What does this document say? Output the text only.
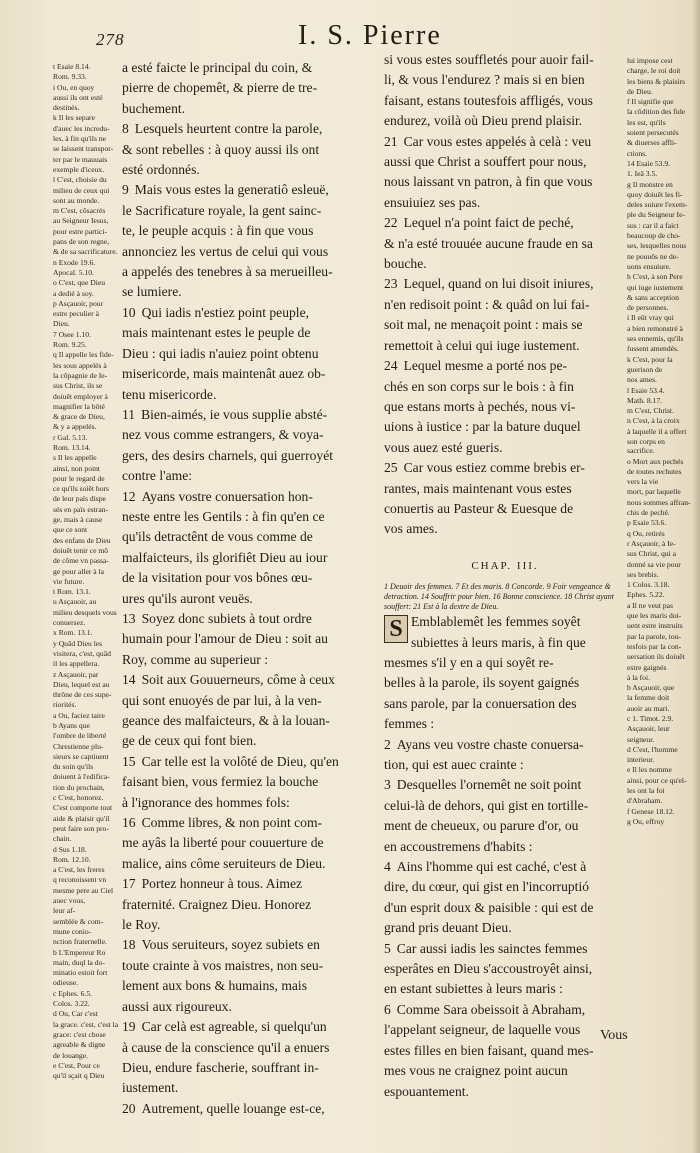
278	I. S. Pierre

t Esaie 8.14.

Rom. 9.33.

i Ou, en quoy

aussi ils ont esté

destinés.

k Il les separe

d'auec les incredu-

les, à fin qu'ils ne

se laissent transpor-

ter par le mauuais

exemple d'iceux.

l C'est, choisie du

milieu de ceux qui

sont au monde.

m C'est, côsacrés

au Seigneur Iesus,

pour estre partici-

pans de son regne,

& de sa sacrificature.

n Exode 19.6.

Apocal. 5.10.

o C'est, que Dieu

a dedié à soy.

p Asçauoir, pour

estre peculier à

Dieu.

7 Osee 1.10.

Rom. 9.25.

q Il appelle les fide-

les sous appelés à

la côpagnie de Ie-

sus Christ, ils se

doiuêt employer à

magnifier la bôté

& grace de Dieu,

& y a appelés.

r Gal. 5.13.

Rom. 13.14.

s Il les appelle

ainsi, non point

pour le regard de

ce qu'ils soiêt hors

de leur païs dispe

sés en païs estran-

ge, mais à cause

que ce sont

des enfans de Dieu

doiuêt tenir ce mô

de côme vn passa-

ge pour aller à la

vie future.

t Rom. 13.1.

u Asçauoir, au

milieu desquels vous

conuersez.

x Rom. 13.1.

y Quâd Dieu les

visitera, c'est, quâd

il les appellera.

z Asçauoir, par

Dieu, lequel est au

thrône de ces supe-

riorités.

a Ou, faciez taire

b Ayans que

l'ombre de liberté

Chrestienne plu-

sieurs se captiuent

du soin qu'ils

doiuent à l'edifica-

tion du prochain,

c C'est, honorez.

C'est comporte tout

aide & plaisir qu'il

peut faire son pro-

chain.

d Sus 1.18.

Rom. 12.10.

a C'est, les freres

q reconoissent vn

mesme pere au Ciel

auec vous,

leur af-

semblée & com-

mune conio-

nction fraternelle.

b L'Empereur Ro

main, duql la do-

minatio estoit fort

odieuse.

c Ephes. 6.5.

Colos. 3.22.

d Ou, Car c'est

la grace. c'est, c'est la

grace: c'est chose

agreable & digne

de louange.

e C'est, Pour ce

qu'il sçait q Dieu

a esté faicte le principal du coin, &
pierre de chopemêt, & pierre de tre-
buchement.
8 Lesquels heurtent contre la parole,
& sont rebelles : à quoy aussi ils ont
esté ordonnés.
9 Mais vous estes la generatiô esleuë,
le Sacrificature royale, la gent sainc-
te, le peuple acquis : à fin que vous
annonciez les vertus de celui qui vous
a appelés des tenebres à sa merueilleu-
se lumiere.
10 Qui iadis n'estiez point peuple,
mais maintenant estes le peuple de
Dieu : qui iadis n'auiez point obtenu
misericorde, mais maintenât auez ob-
tenu misericorde.
11 Bien-aimés, ie vous supplie absté-
nez vous comme estrangers, & voya-
gers, des desirs charnels, qui guerroyét
contre l'ame:
12 Ayans vostre conuersation hon-
neste entre les Gentils : à fin qu'en ce
qu'ils detractênt de vous comme de
malfaicteurs, ils glorifiêt Dieu au iour
de la visitation pour vos bônes œu-
ures qu'ils auront veuës.
13 Soyez donc subiets à tout ordre
humain pour l'amour de Dieu : soit au
Roy, comme au superieur :
14 Soit aux Gouuerneurs, côme à ceux
qui sont enuoyés de par lui, à la ven-
geance des malfaicteurs, & à la louan-
ge de ceux qui font bien.
15 Car telle est la volôté de Dieu, qu'en
faisant bien, vous fermiez la bouche
à l'ignorance des hommes fols:
16 Comme libres, & non point com-
me ayâs la liberté pour couuerture de
malice, ains côme seruiteurs de Dieu.
17 Portez honneur à tous. Aimez
fraternité. Craignez Dieu. Honorez
le Roy.
18 Vous seruiteurs, soyez subiets en
toute crainte à vos maistres, non seu-
lement aux bons & humains, mais
aussi aux rigoureux.
19 Car celà est agreable, si quelqu'un
à cause de la conscience qu'il a enuers
Dieu, endure fascherie, souffrant in-
iustement.
20 Autrement, quelle louange est-ce,
si vous estes souffletés pour auoir fail-
li, & vous l'endurez ? mais si en bien
faisant, estans toutesfois affligés, vous
endurez, voilà où Dieu prend plaisir.
21 Car vous estes appelés à celà : veu
aussi que Christ a souffert pour nous,
nous laissant vn patron, à fin que vous
ensuiuiez ses pas.
22 Lequel n'a point faict de peché,
& n'a esté trouuée aucune fraude en sa
bouche.
23 Lequel, quand on lui disoit iniures,
n'en redisoit point : & quâd on lui fai-
soit mal, ne menaçoit point : mais se
remettoit à celui qui iuge iustement.
24 Lequel mesme a porté nos pe-
chés en son corps sur le bois : à fin
que estans morts à pechés, nous vi-
uions à iustice : par la bature duquel
vous auez esté gueris.
25 Car vous estiez comme brebis er-
rantes, mais maintenant vous estes
conuertis au Pasteur & Euesque de
vos ames.
CHAP. III.

1 Deuoir des femmes. 7 Et des maris. 8 Concorde. 9 Foir vengeance & detraction. 14 Souffrir pour bien. 16 Bonne conscience. 18 Christ ayant souffert: 21 Est à la dextre de Dieu.

S Emblablemêt les femmes soyêt
subiettes à leurs maris, à fin que
mesmes s'il y en a qui soyêt re-
belles à la parole, ils soyent gaignés
sans parole, par la conuersation des
femmes :
2 Ayans veu vostre chaste conuersa-
tion, qui est auec crainte :
3 Desquelles l'ornemêt ne soit point
celui-là de dehors, qui gist en tortille-
ment de cheueux, ou parure d'or, ou
en accoustremens d'habits :
4 Ains l'homme qui est caché, c'est à
dire, du cœur, qui gist en l'incorruptió
d'un esprit doux & paisible : qui est de
grand pris deuant Dieu.
5 Car aussi iadis les sainctes femmes
esperâtes en Dieu s'accoustroyêt ainsi,
en estant subiettes à leurs maris :
6 Comme Sara obeissoit à Abraham,
l'appelant seigneur, de laquelle vous
estes filles en bien faisant, quand mes-
mes vous ne craignez point aucun
espouantement.

lui impose cest

charge, le roi doit

les biens & plaisirs

de Dieu.

f Il signifie que

la côdition des fide

les est, qu'ils

soient persecutés

& diuerses affli-

ctions.

14 Esaie 53.9.

1. Ieâ 3.5.

g Il monstre en

quoy doiuêt les fi-

deles suiure l'exem-

ple du Seigneur Ie-

sus : car il a faict

beaucoup de cho-

ses, lesquelles nous

ne pouuôs ne de-

uons ensuiure.

h C'est, à son Pere

qui iuge iustement

& sans acception

de personnes.

i Il eût vray qui

a bien remonstré à

ses ennemis, qu'ils

fussent amendés.

k C'est, pour la

guerison de

nos ames.

l Esaie 53.4.

Math. 8.17.

m C'est, Christ.

n C'est, à la croix

à laquelle il a offert

son corps en sacrifice.

o Mort aux pechés

de toutes rechutes

vers la vie

mort, par laquelle

nous sommes affran-

chis de peché.

p Esaie 53.6.

q Ou, retirés

r Asçauoir, à Ie-

sus Christ, qui a

donné sa vie pour

ses brebis.

1 Colos. 3.18.

Ephes. 5.22.

a Il ne veut pas

que les maris doi-

uent estre instruits

par la parole, tou-

tesfois par la con-

uersation ils doiuêt

estre gaignés

à la foi.

b Asçauoir, que

la femme doit

auoir au mari.

c 1. Timot. 2.9.

Asçauoir, leur

seigneur.

d C'est, l'homme

interieur.

e Il les nomme

ainsi, pour ce qu'el-

les ont la foi

d'Abraham.

f Genese 18.12.

g Ou, effroy

Vous
